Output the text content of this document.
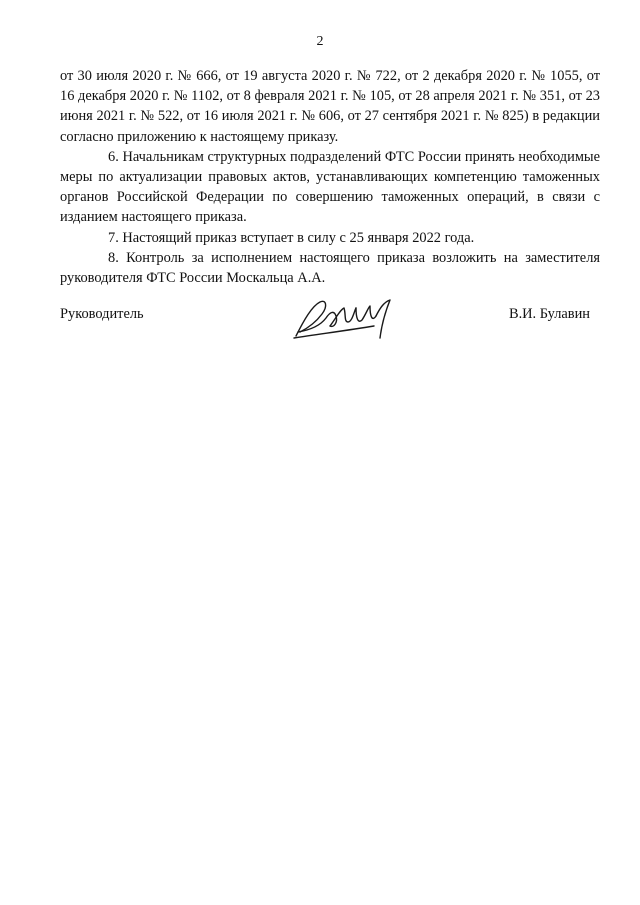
2

от 30 июля 2020 г. № 666, от 19 августа 2020 г. № 722, от 2 декабря 2020 г. № 1055, от 16 декабря 2020 г. № 1102, от 8 февраля 2021 г. № 105, от 28 апреля 2021 г. № 351, от 23 июня 2021 г. № 522, от 16 июля 2021 г. № 606, от 27 сентября 2021 г. № 825) в редакции согласно приложению к настоящему приказу.

6. Начальникам структурных подразделений ФТС России принять необходимые меры по актуализации правовых актов, устанавливающих компетенцию таможенных органов Российской Федерации по совершению таможенных операций, в связи с изданием настоящего приказа.

7. Настоящий приказ вступает в силу с 25 января 2022 года.

8. Контроль за исполнением настоящего приказа возложить на заместителя руководителя ФТС России Москальца А.А.

Руководитель	В.И. Булавин
